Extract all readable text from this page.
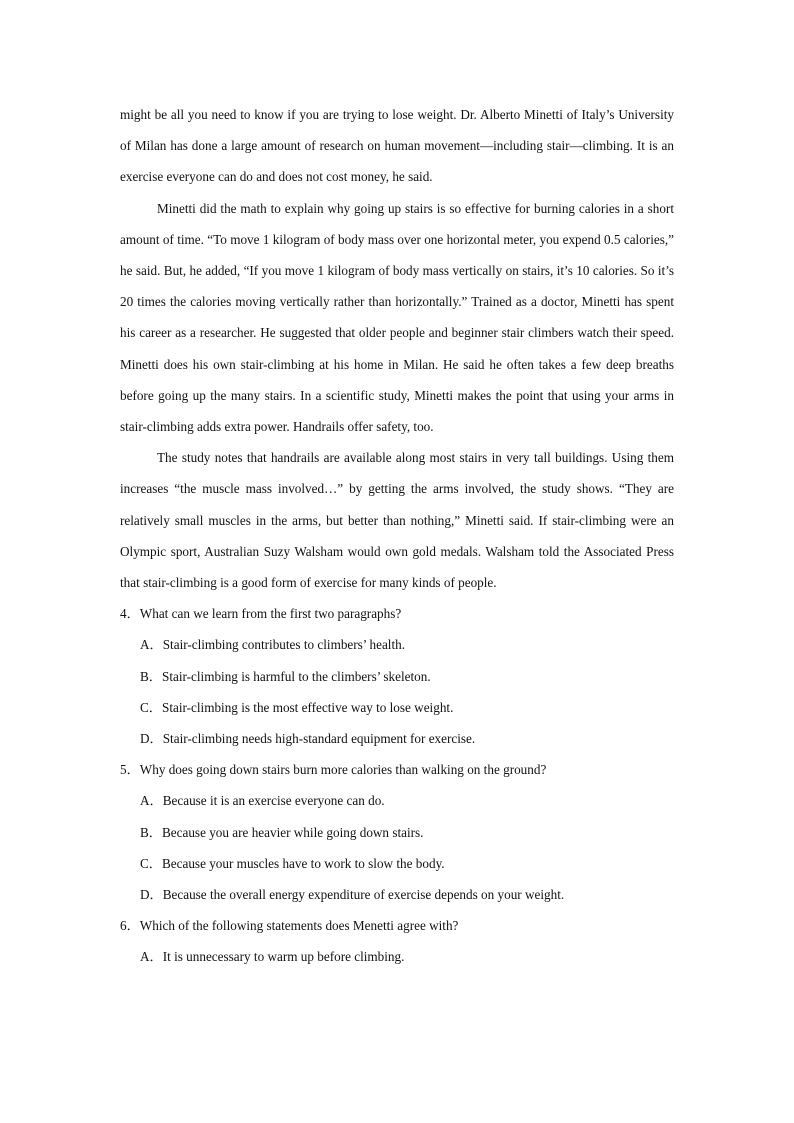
might be all you need to know if you are trying to lose weight. Dr. Alberto Minetti of Italy’s University of Milan has done a large amount of research on human movement—including stair—climbing. It is an exercise everyone can do and does not cost money, he said.

Minetti did the math to explain why going up stairs is so effective for burning calories in a short amount of time. “To move 1 kilogram of body mass over one horizontal meter, you expend 0.5 calories,” he said. But, he added, “If you move 1 kilogram of body mass vertically on stairs, it’s 10 calories. So it’s 20 times the calories moving vertically rather than horizontally.” Trained as a doctor, Minetti has spent his career as a researcher. He suggested that older people and beginner stair climbers watch their speed. Minetti does his own stair-climbing at his home in Milan. He said he often takes a few deep breaths before going up the many stairs. In a scientific study, Minetti makes the point that using your arms in stair-climbing adds extra power. Handrails offer safety, too.

The study notes that handrails are available along most stairs in very tall buildings. Using them increases “the muscle mass involved…” by getting the arms involved, the study shows. “They are relatively small muscles in the arms, but better than nothing,” Minetti said. If stair-climbing were an Olympic sport, Australian Suzy Walsham would own gold medals. Walsham told the Associated Press that stair-climbing is a good form of exercise for many kinds of people.

4．What can we learn from the first two paragraphs?

A．Stair-climbing contributes to climbers’ health.

B．Stair-climbing is harmful to the climbers’ skeleton.

C．Stair-climbing is the most effective way to lose weight.

D．Stair-climbing needs high-standard equipment for exercise.

5．Why does going down stairs burn more calories than walking on the ground?

A．Because it is an exercise everyone can do.

B．Because you are heavier while going down stairs.

C．Because your muscles have to work to slow the body.

D．Because the overall energy expenditure of exercise depends on your weight.

6．Which of the following statements does Menetti agree with?

A．It is unnecessary to warm up before climbing.
